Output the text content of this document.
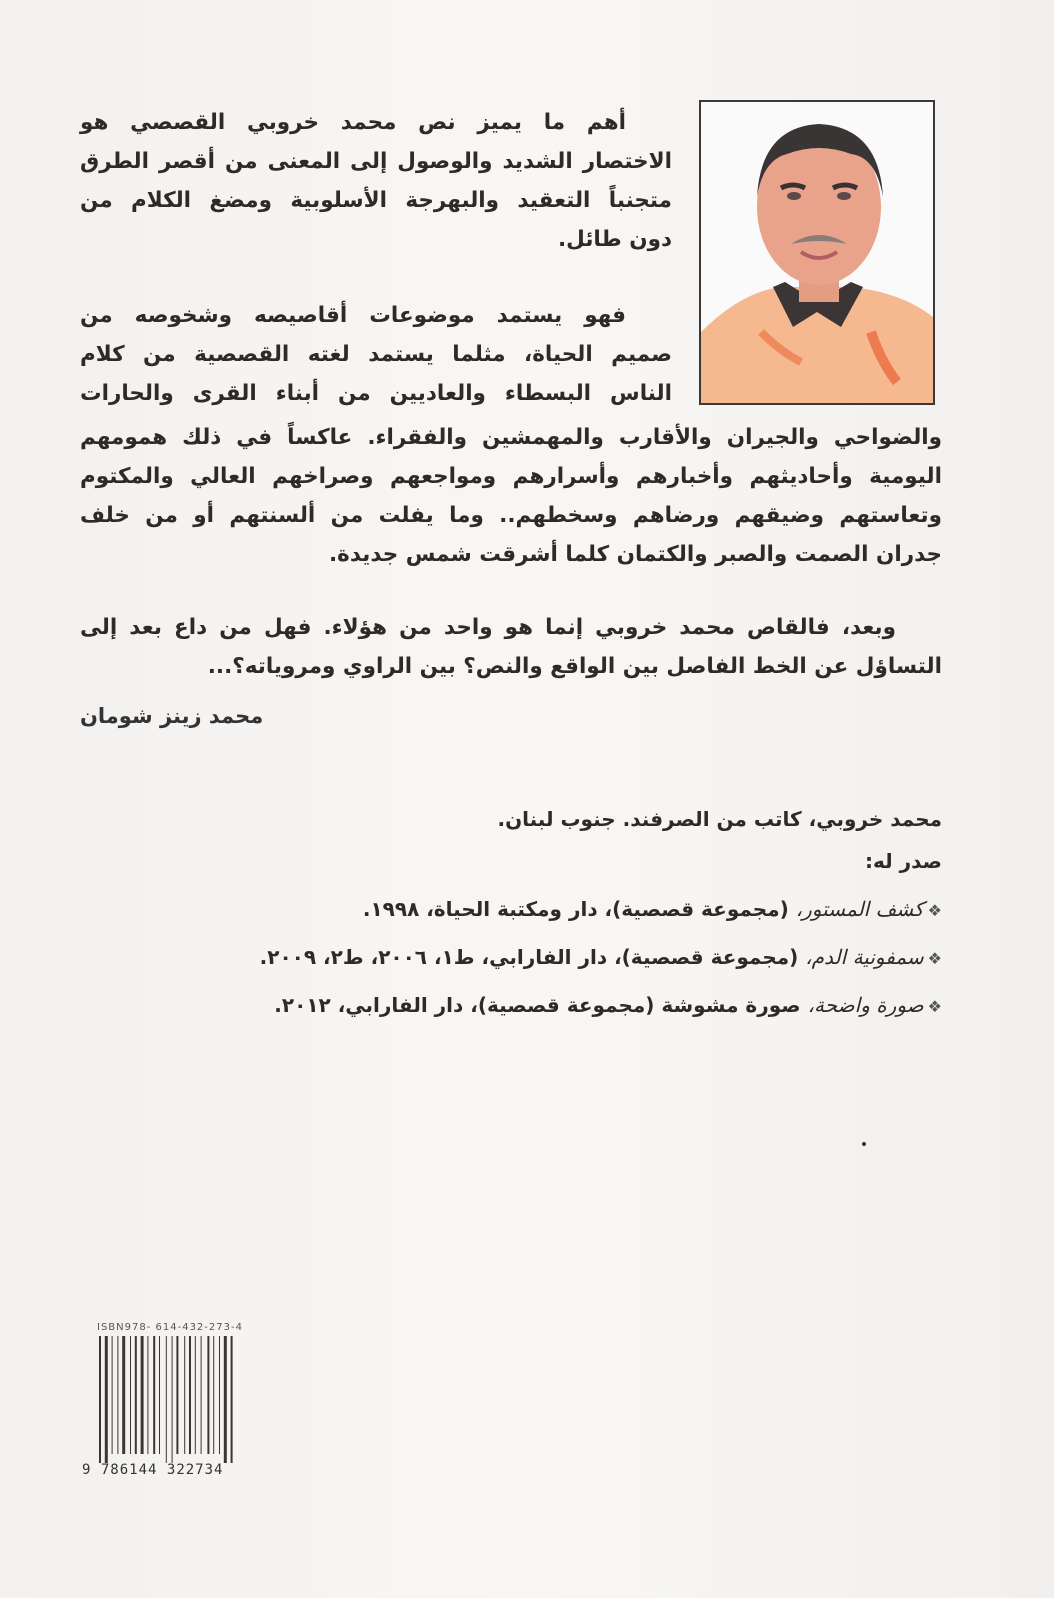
أهم ما يميز نص محمد خروبي القصصي هو
الاختصار الشديد والوصول إلى المعنى من أقصر الطرق
متجنباً التعقيد والبهرجة الأسلوبية ومضغ الكلام من
دون طائل.
فهو يستمد موضوعات أقاصيصه وشخوصه من
صميم الحياة، مثلما يستمد لغته القصصية من كلام
الناس البسطاء والعاديين من أبناء القرى والحارات
والضواحي والجيران والأقارب والمهمشين والفقراء. عاكساً في ذلك همومهم
اليومية وأحاديثهم وأخبارهم وأسرارهم ومواجعهم وصراخهم العالي والمكتوم
وتعاستهم وضيقهم ورضاهم وسخطهم.. وما يفلت من ألسنتهم أو من خلف
جدران الصمت والصبر والكتمان كلما أشرقت شمس جديدة.
وبعد، فالقاص محمد خروبي إنما هو واحد من هؤلاء. فهل من داع بعد إلى
التساؤل عن الخط الفاصل بين الواقع والنص؟ بين الراوي ومروياته؟...
محمد زينز شومان
محمد خروبي، كاتب من الصرفند. جنوب لبنان.
صدر له:
❖كشف المستور، (مجموعة قصصية)، دار ومكتبة الحياة، ١٩٩٨.
❖سمفونية الدم، (مجموعة قصصية)، دار الفارابي، ط١، ٢٠٠٦، ط٢، ٢٠٠٩.
❖صورة واضحة، صورة مشوشة (مجموعة قصصية)، دار الفارابي، ٢٠١٢.
ISBN978- 614-432-273-4
9 786144 322734
